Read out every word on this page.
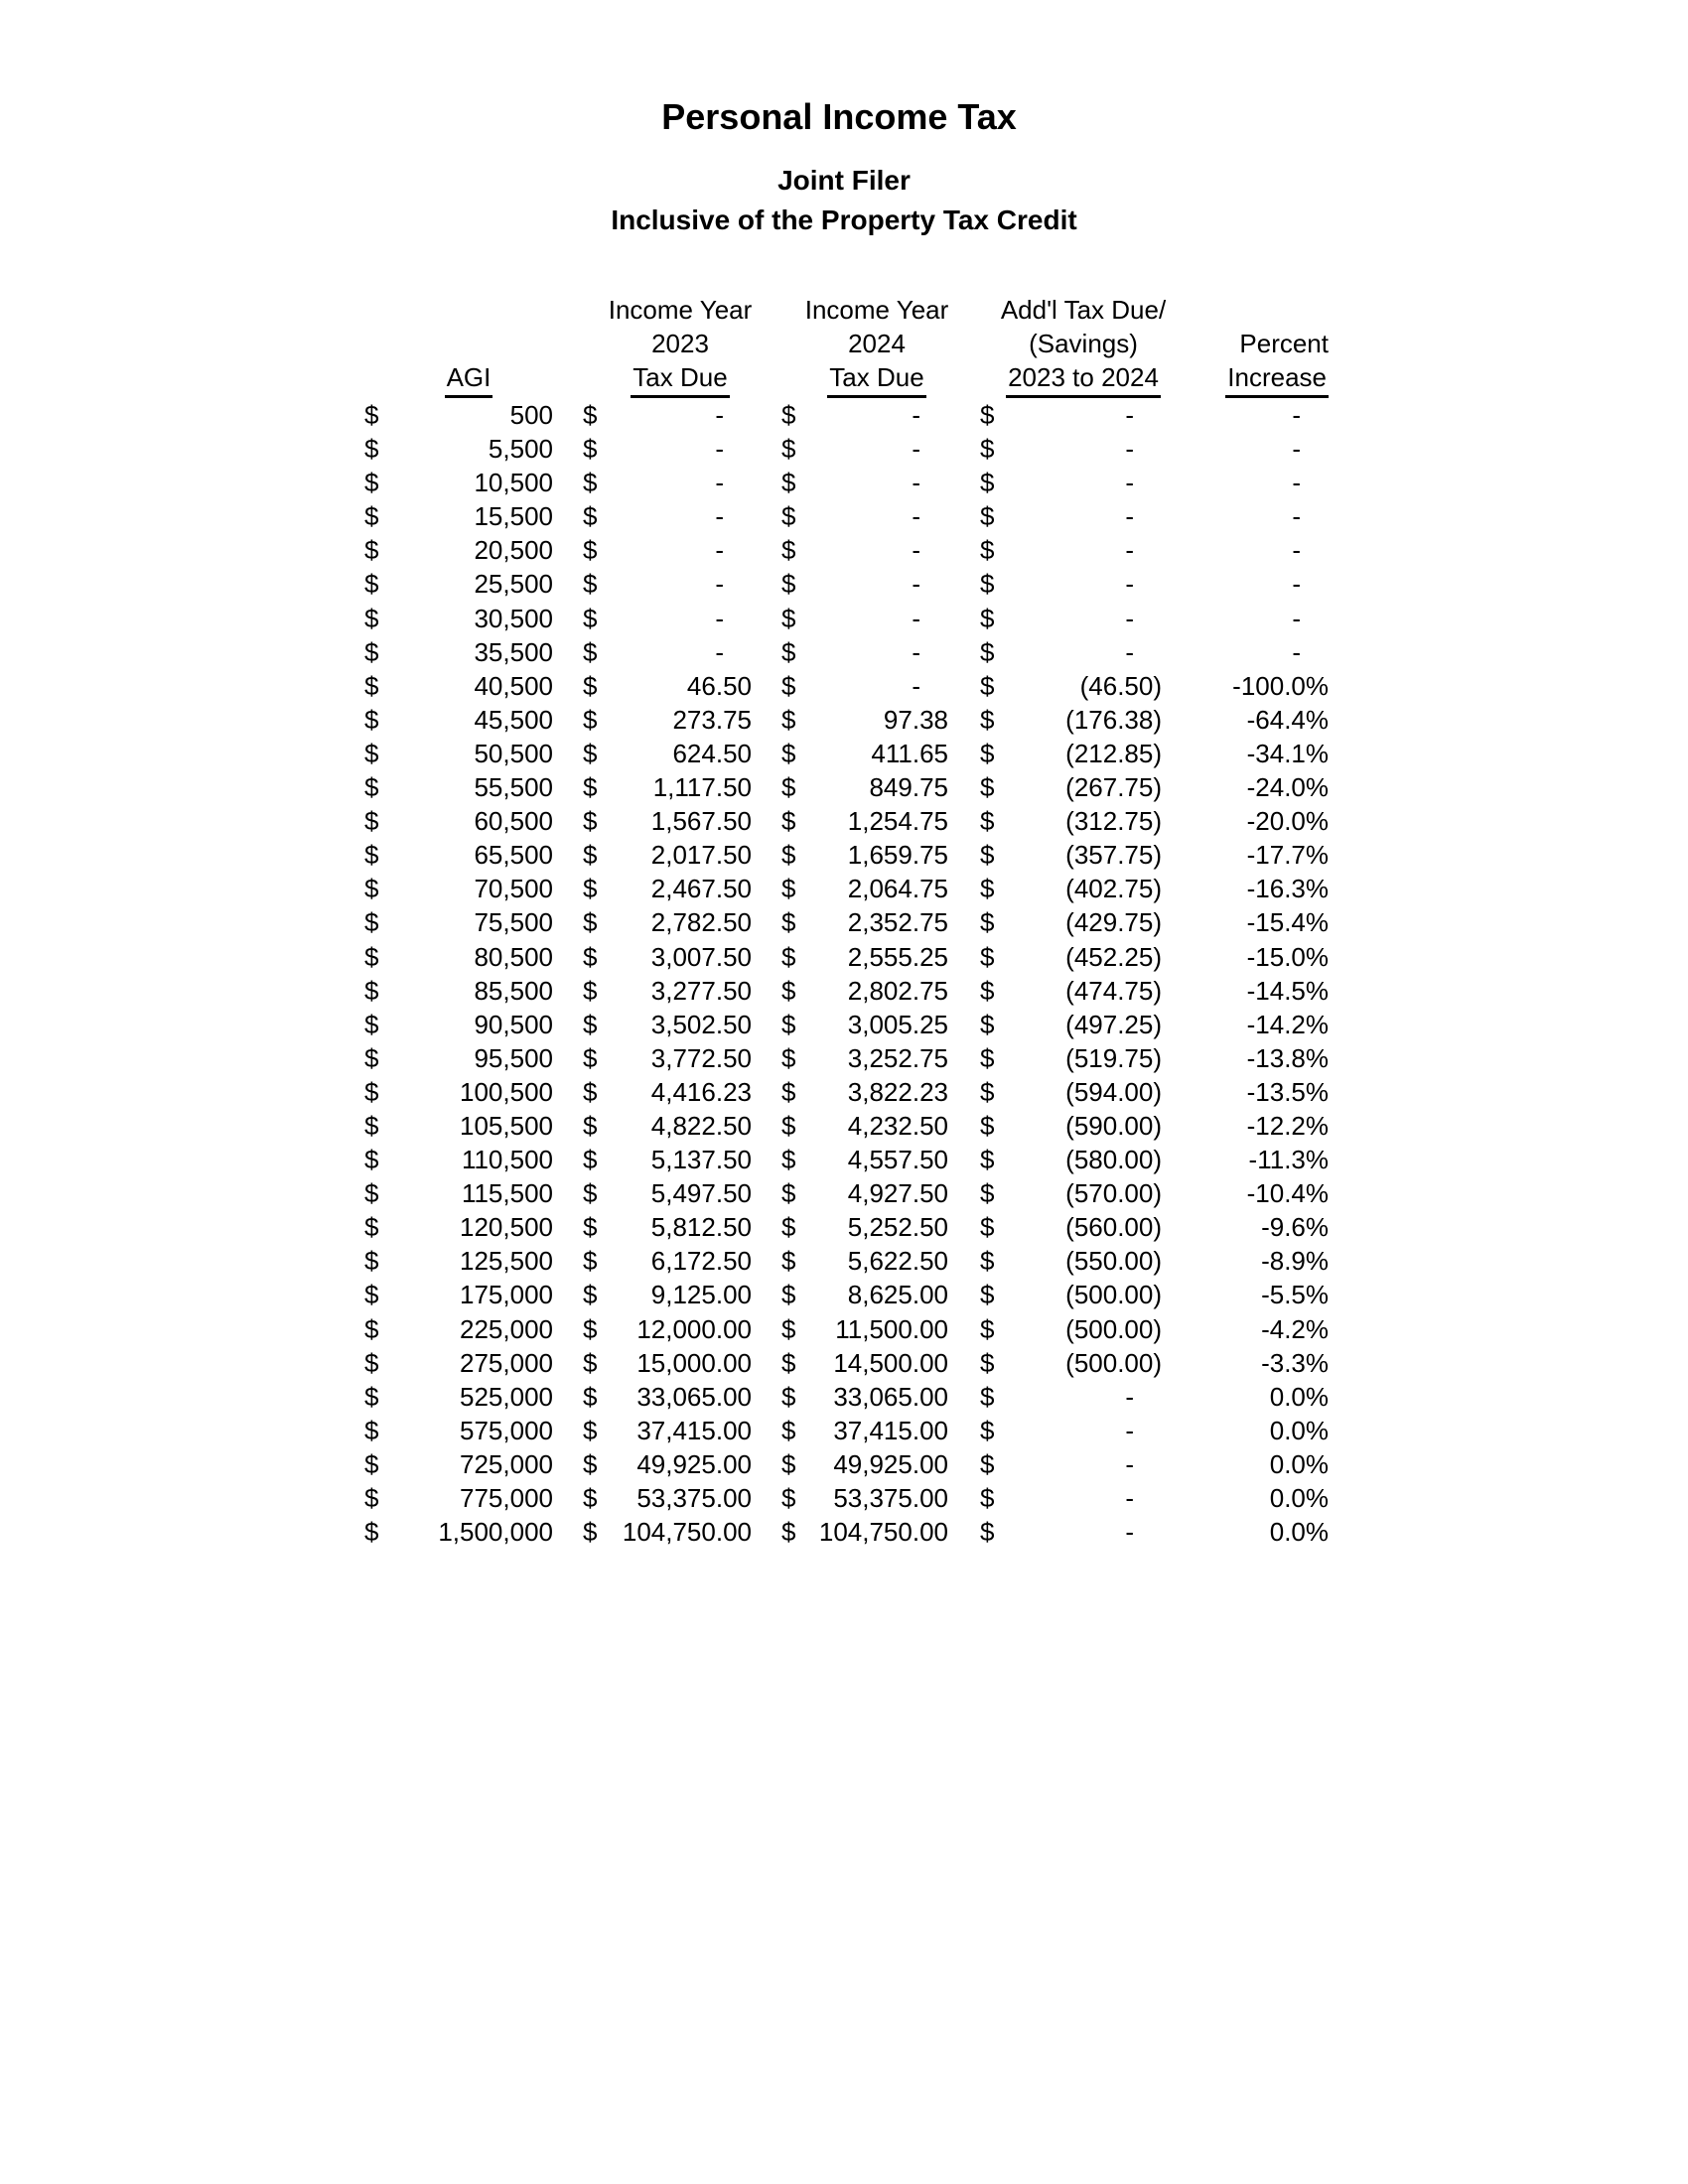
Personal Income Tax
Joint Filer
Inclusive of the Property Tax Credit
AGI
Income Year
2023
Tax Due
Income Year
2024
Tax Due
Add'l Tax Due/
(Savings)
2023 to 2024
Percent
Increase
$	500	$	-	$	-	$	-	-
$	5,500	$	-	$	-	$	-	-
$	10,500	$	-	$	-	$	-	-
$	15,500	$	-	$	-	$	-	-
$	20,500	$	-	$	-	$	-	-
$	25,500	$	-	$	-	$	-	-
$	30,500	$	-	$	-	$	-	-
$	35,500	$	-	$	-	$	-	-
$	40,500	$	46.50	$	-	$	(46.50)	-100.0%
$	45,500	$	273.75	$	97.38	$	(176.38)	-64.4%
$	50,500	$	624.50	$	411.65	$	(212.85)	-34.1%
$	55,500	$	1,117.50	$	849.75	$	(267.75)	-24.0%
$	60,500	$	1,567.50	$	1,254.75	$	(312.75)	-20.0%
$	65,500	$	2,017.50	$	1,659.75	$	(357.75)	-17.7%
$	70,500	$	2,467.50	$	2,064.75	$	(402.75)	-16.3%
$	75,500	$	2,782.50	$	2,352.75	$	(429.75)	-15.4%
$	80,500	$	3,007.50	$	2,555.25	$	(452.25)	-15.0%
$	85,500	$	3,277.50	$	2,802.75	$	(474.75)	-14.5%
$	90,500	$	3,502.50	$	3,005.25	$	(497.25)	-14.2%
$	95,500	$	3,772.50	$	3,252.75	$	(519.75)	-13.8%
$	100,500	$	4,416.23	$	3,822.23	$	(594.00)	-13.5%
$	105,500	$	4,822.50	$	4,232.50	$	(590.00)	-12.2%
$	110,500	$	5,137.50	$	4,557.50	$	(580.00)	-11.3%
$	115,500	$	5,497.50	$	4,927.50	$	(570.00)	-10.4%
$	120,500	$	5,812.50	$	5,252.50	$	(560.00)	-9.6%
$	125,500	$	6,172.50	$	5,622.50	$	(550.00)	-8.9%
$	175,000	$	9,125.00	$	8,625.00	$	(500.00)	-5.5%
$	225,000	$	12,000.00	$	11,500.00	$	(500.00)	-4.2%
$	275,000	$	15,000.00	$	14,500.00	$	(500.00)	-3.3%
$	525,000	$	33,065.00	$	33,065.00	$	-	0.0%
$	575,000	$	37,415.00	$	37,415.00	$	-	0.0%
$	725,000	$	49,925.00	$	49,925.00	$	-	0.0%
$	775,000	$	53,375.00	$	53,375.00	$	-	0.0%
$	1,500,000	$	104,750.00	$	104,750.00	$	-	0.0%
